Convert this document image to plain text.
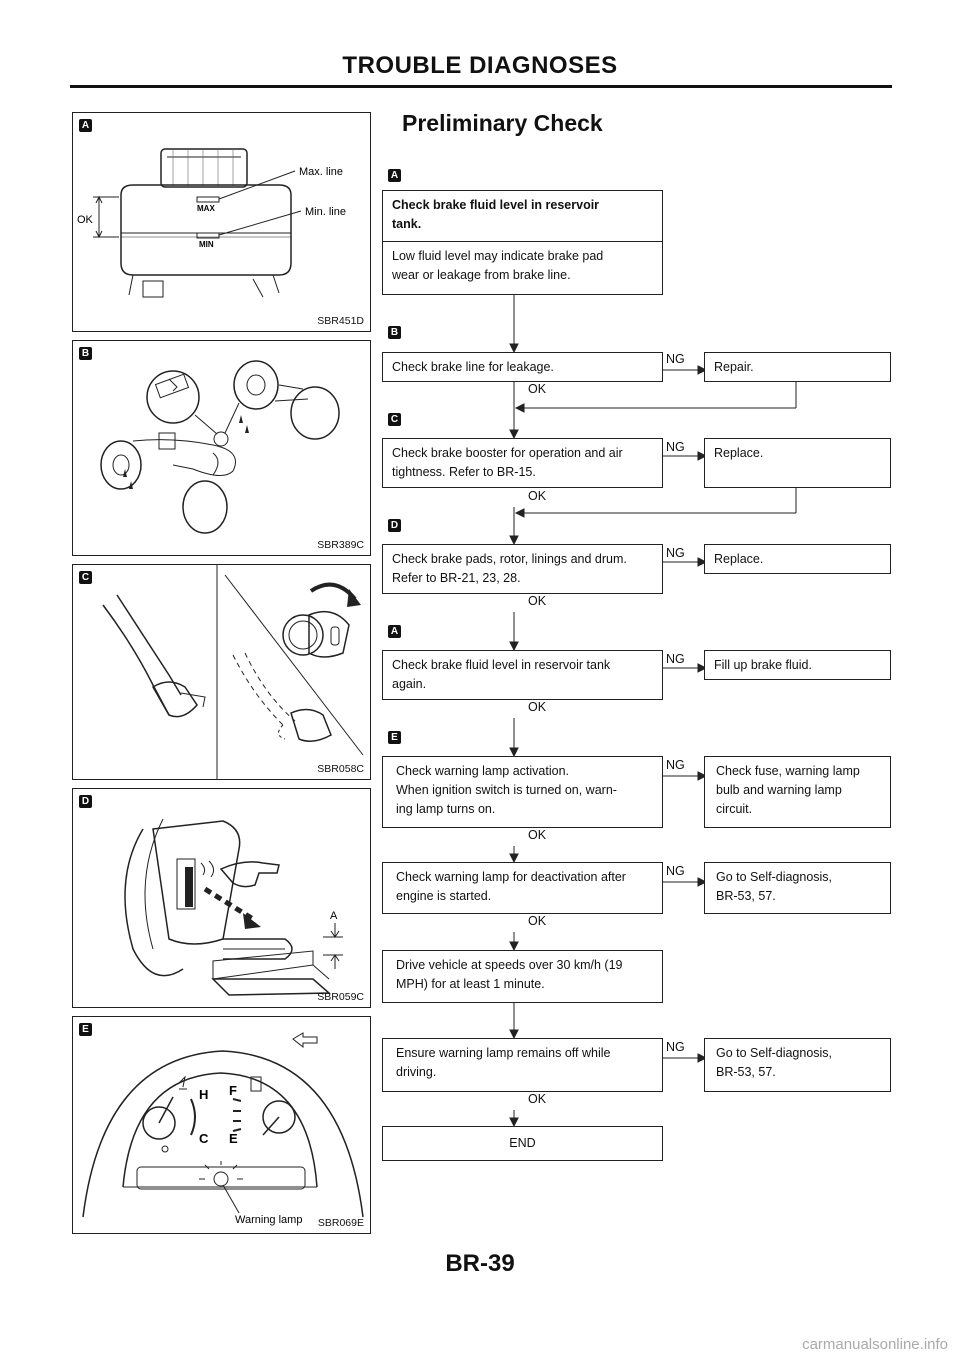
TROUBLE DIAGNOSES
Preliminary Check
A
Max. line
Min. line
OK
MAX
MIN
SBR451D
B
SBR389C
C
SBR058C
D
A
SBR059C
E
H
C
F
E
Warning lamp SBR069E
A
B
C
D
A
E
Check brake fluid level in reservoir
tank.
Low fluid level may indicate brake pad
wear or leakage from brake line.
Check brake line for leakage.
NG
OK
Repair.
Check brake booster for operation and air
tightness. Refer to BR-15.
NG
OK
Replace.
Check brake pads, rotor, linings and drum.
Refer to BR-21, 23, 28.
NG
OK
Replace.
Check brake fluid level in reservoir tank
again.
NG
OK
Fill up brake fluid.
Check warning lamp activation.
When ignition switch is turned on, warn-
ing lamp turns on.
NG
OK
Check fuse, warning lamp
bulb and warning lamp
circuit.
Check warning lamp for deactivation after
engine is started.
NG
OK
Go to Self-diagnosis,
BR-53, 57.
Drive vehicle at speeds over 30 km/h (19
MPH) for at least 1 minute.
Ensure warning lamp remains off while
driving.
NG
OK
Go to Self-diagnosis,
BR-53, 57.
END
BR-39
carmanualsonline.info
